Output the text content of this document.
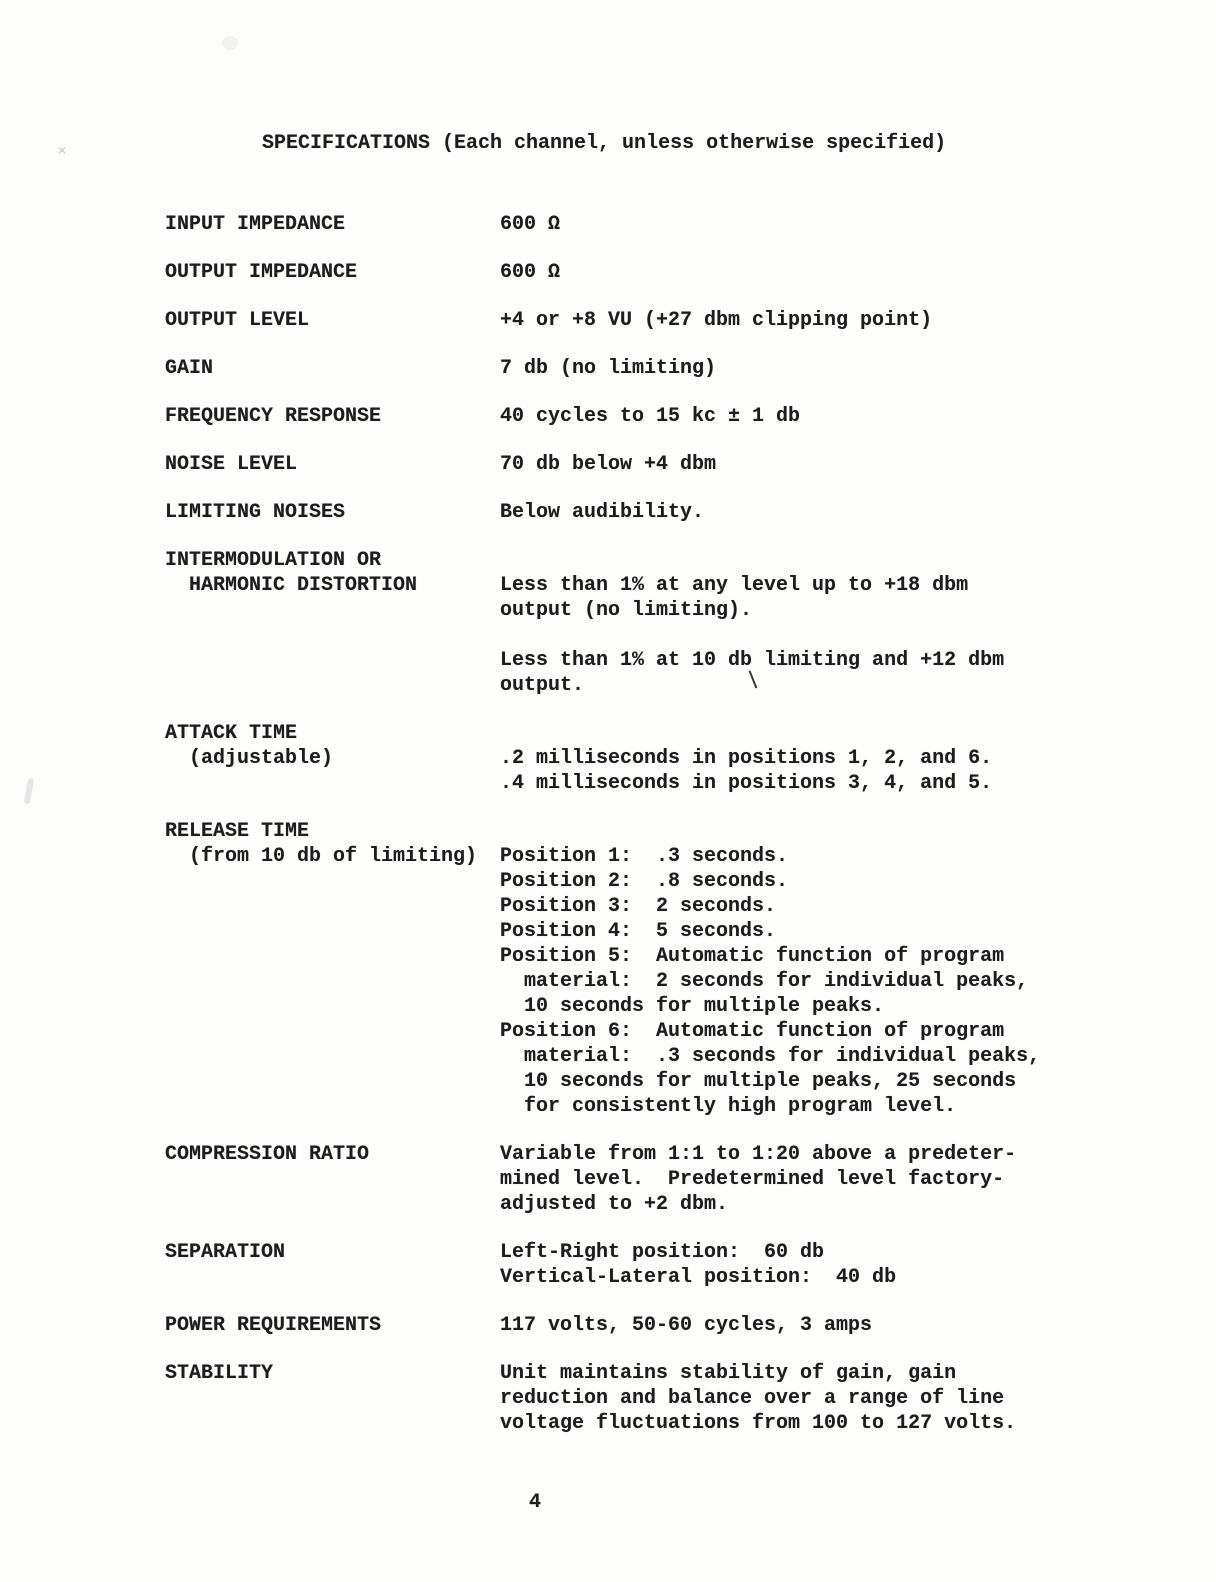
×	SPECIFICATIONS (Each channel, unless otherwise specified)
INPUT IMPEDANCE	600 Ω
OUTPUT IMPEDANCE	600 Ω
OUTPUT LEVEL	+4 or +8 VU (+27 dbm clipping point)
GAIN	7 db (no limiting)
FREQUENCY RESPONSE	40 cycles to 15 kc ± 1 db
NOISE LEVEL	70 db below +4 dbm
LIMITING NOISES	Below audibility.
INTERMODULATION OR
HARMONIC DISTORTION	Less than 1% at any level up to +18 dbm
output (no limiting).

Less than 1% at 10 db limiting and +12 dbm
output.
ATTACK TIME
(adjustable)	.2 milliseconds in positions 1, 2, and 6.
.4 milliseconds in positions 3, 4, and 5.
RELEASE TIME
(from 10 db of limiting)	Position 1:  .3 seconds.
Position 2:  .8 seconds.
Position 3:  2 seconds.
Position 4:  5 seconds.
Position 5:  Automatic function of program
material:  2 seconds for individual peaks,
10 seconds for multiple peaks.
Position 6:  Automatic function of program
material:  .3 seconds for individual peaks,
10 seconds for multiple peaks, 25 seconds
for consistently high program level.
COMPRESSION RATIO	Variable from 1:1 to 1:20 above a predeter-
mined level.  Predetermined level factory-
adjusted to +2 dbm.
SEPARATION	Left-Right position:  60 db
Vertical-Lateral position:  40 db
POWER REQUIREMENTS	117 volts, 50-60 cycles, 3 amps
STABILITY	Unit maintains stability of gain, gain
reduction and balance over a range of line
voltage fluctuations from 100 to 127 volts.
4
